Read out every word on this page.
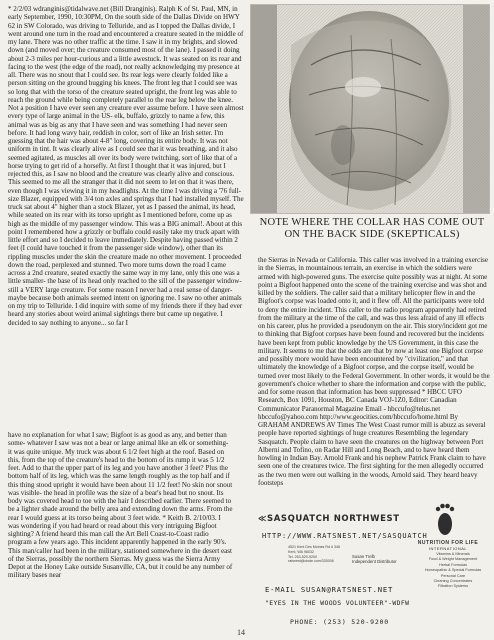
* 2/2/03 wdranginis@tidalwave.net (Bill Dranginis). Ralph K of St. Paul, MN, in early September, 1990, 10:30PM, On the south side of the Dallas Divide on HWY 62 in SW Colorado, was driving to Telluride, and as I topped the Dallas divide, I went around one turn in the road and encountered a creature seated in the middle of my lane. There was no other traffic at the time. I saw it in my brights, and slowed down (and moved over; the creature consumed most of the lane). I passed it doing about 2-3 miles per hour-curious and a little awestuck. It was seated on its rear and facing to the west (the edge of the road), not really acknowledging my presence at all. There was no snout that I could see. Its rear legs were clearly folded like a person sitting on the ground hugging his knees. The front leg that I could see was so long that with the torso of the creature seated upright, the front leg was able to reach the ground while being completely parallel to the rear leg below the knee. Not a position I have ever seen any creature ever assume before. I have seen almost every type of large animal in the US- elk, buffalo, grizzly to name a few, this animal was as big as any that I have seen and was something I had never seen before. It had long wavy hair, reddish in color, sort of like an Irish setter. I'm guessing that the hair was about 4-8" long, covering its entire body. It was not uniform in tint. It was clearly alive as I could see that it was breathing, and it also seemed agitated, as muscles all over its body were twitching, sort of like that of a horse trying to get rid of a horsefly. At first I thought that it was injured, but I rejected this, as I saw no blood and the creature was clearly alive and conscious. This seemed to me all the stranger that it did not seem to let on that it was there, even though I was viewing it in my headlights. At the time I was driving a '76 full-size Blazer, equipped with 3/4 ton axles and springs that I had installed myself. The truck sat about 4" higher than a stock Blazer, yet as I passed the animal, its head, while seated on its rear with its torso upright as I mentioned before, come up as high as the middle of my passenger window. This was a BIG animal!. About at this point I remembered how a grizzly or buffalo could easily take my truck apart with little effort and so I decided to leave immediately. Despite having passed within 2 feet (I could have touched it from the passenger side window), other than its rippling muscles under the skin the creature made no other movement. I proceeded down the road, perplexed and stunned. Two more turns down the road I came across a 2nd creature, seated exactly the same way in my lane, only this one was a little smaller- the base of its head only reached to the sill of the passenger window- still a VERY large creature. For some reason I never had a real sense of danger- maybe because both animals seemed intent on ignoring me. I saw no other animals on my trip to Telluride. I did inquire with some of my friends there if they had ever heard any stories about weird animal sightings there but came up negative. I decided to say nothing to anyone... so far I

NOTE WHERE THE COLLAR HAS COME OUT ON THE BACK SIDE (SKEPTICALS)

the Sierras in Nevada or California. This caller was involved in a training exercise in the Sierras, in mountainous terrain, an exercise in which the soldiers were armed with high-powered guns. The exercise quite possibly was at night. At some point a Bigfoot happened onto the scene of the training exercise and was shot and killed by the soldiers. The caller said that a military helicopter flew in and the Bigfoot's corpse was loaded onto it, and it flew off. All the participants were told to deny the entire incident. This caller to the radio program apparently had retired from the military at the time of the call, and was thus less afraid of any ill effects on his career, plus he provided a pseudonym on the air. This story/incident got me to thinking that Bigfoot corpses have been found and recovered but the incidents have been kept from public knowledge by the US Government, in this case the military. It seems to me that the odds are that by now at least one Bigfoot corpse and possibly more would have been encountered by "civilization," and that ultimately the knowledge of a Bigfoot corpse, and the corpse itself, would be turned over most likely to the Federal Government. In other words, it would be the government's choice whether to share the information and corpse with the public, and for some reason that information has been suppressed * HBCC UFO Research, Box 1091, Houston, BC Canada VOJ-1Z0, Editor: Canadian Communicator Paranormal Magazine Email - hbccufo@telus.net hbccufo@yahoo.com http://www.geocities.com/hbccufo/home.html By GRAHAM ANDREWS AV Times The West Coast rumor mill is abuzz as several people have reported sightings of huge creatures Resembling the legendary Sasquatch. People claim to have seen the creatures on the highway between Port Alberni and Tofino, on Radar Hill and Long Beach, and to have heard them howling in Indian Bay. Arnold Frank and his nephew Patrick Frank claim to have seen one of the creatures twice. The first sighting for the men allegedly occurred as the two men were out walking in the woods, Arnold said. They heard heavy footsteps

have no explanation for what I saw; Bigfoot is as good as any, and better than some- whatever I saw was not a bear or large animal like an elk or something- it was quite unique. My truck was about 6 1/2 feet high at the roof. Based on this, from the top of the creature's head to the bottom of its rump it was 5 1/2 feet. Add to that the upper part of its leg and you have another 3 feet? Plus the bottom half of its leg, which was the same length roughly as the top half and if this thing stood upright it would have been about 11 1/2 feet! No skin nor snout was visible- the head in profile was the size of a bear's head but no snout. Its body was covered head to toe with the hair I described earlier. There seemed to be a lighter shade around the belly area and extending down the arms. From the rear I would guess at its torso being about 3 feet wide. * Keith B. 2/10/03. I was wondering if you had heard or read about this very intriguing Bigfoot sighting? A friend heard this man call the Art Bell Coast-to-Coast radio program a few years ago. This incident apparently happened in the early 90's. This man/caller had been in the military, stationed somewhere in the desert east of the Sierras, possibly the northern Sierras. My guess was the Sierra Army Depot at the Honey Lake outside Susanville, CA, but it could be any number of military bases near

≪SASQUATCH NORTHWEST
NUTRITION FOR LIFE
INTERNATIONAL
HTTP://WWW.RATSNEST.NET/SASQUATCH
4521 Kent Des Moines Rd # 346
Kent, WA 98032
Tel. 253-520-9200
ratsnest@olsde.com/330006
Susan Trelb
Independent Distributor
Vitamins & Minerals
Food & Weight Management
Herbal Formulas
Homeopathic & Special Formulas
Personal Care
Cleaning Concentrates
Filtration Systems
E-MAIL SUSAN@RATSNEST.NET
"EYES IN THE WOODS VOLUNTEER"-WDFW
PHONE: (253) 520-9200
14
